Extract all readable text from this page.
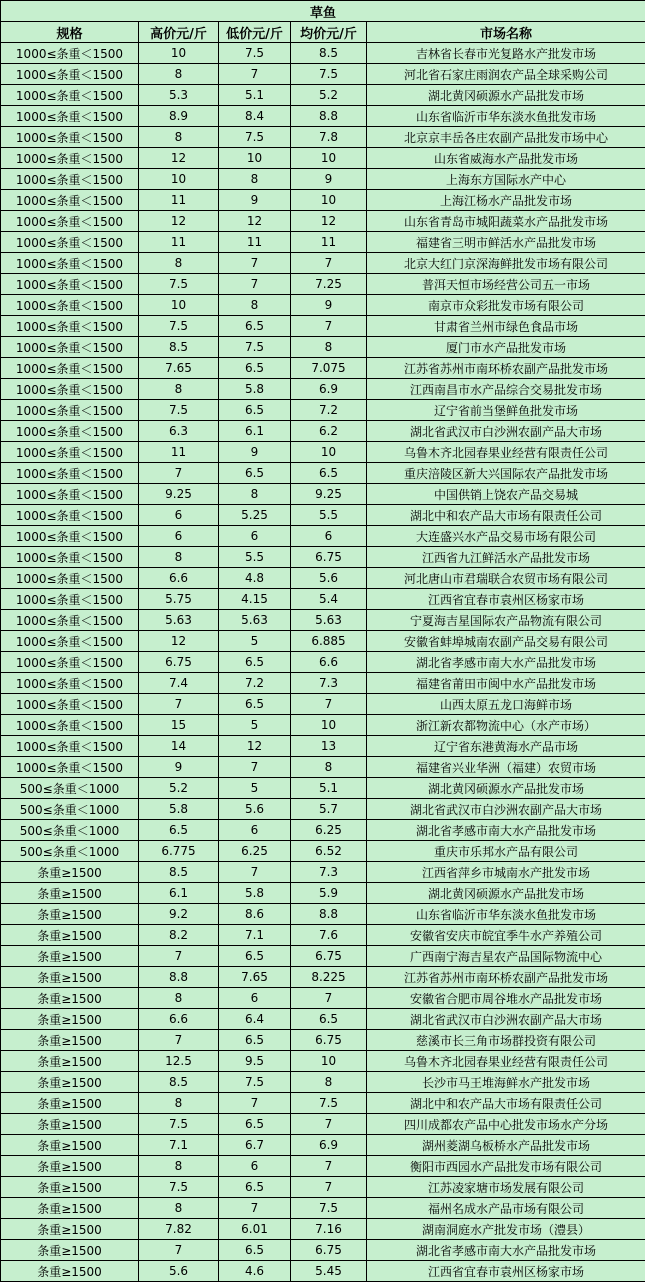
草鱼				
规格	高价元/斤	低价元/斤	均价元/斤	市场名称
1000≤条重＜1500	10	7.5	8.5	吉林省长春市光复路水产批发市场
1000≤条重＜1500	8	7	7.5	河北省石家庄雨润农产品全球采购公司
1000≤条重＜1500	5.3	5.1	5.2	湖北黄冈硕源水产品批发市场
1000≤条重＜1500	8.9	8.4	8.8	山东省临沂市华东淡水鱼批发市场
1000≤条重＜1500	8	7.5	7.8	北京京丰岳各庄农副产品批发市场中心
1000≤条重＜1500	12	10	10	山东省威海水产品批发市场
1000≤条重＜1500	10	8	9	上海东方国际水产中心
1000≤条重＜1500	11	9	10	上海江杨水产品批发市场
1000≤条重＜1500	12	12	12	山东省青岛市城阳蔬菜水产品批发市场
1000≤条重＜1500	11	11	11	福建省三明市鲜活水产品批发市场
1000≤条重＜1500	8	7	7	北京大红门京深海鲜批发市场有限公司
1000≤条重＜1500	7.5	7	7.25	普洱天恒市场经营公司五一市场
1000≤条重＜1500	10	8	9	南京市众彩批发市场有限公司
1000≤条重＜1500	7.5	6.5	7	甘肃省兰州市绿色食品市场
1000≤条重＜1500	8.5	7.5	8	厦门市水产品批发市场
1000≤条重＜1500	7.65	6.5	7.075	江苏省苏州市南环桥农副产品批发市场
1000≤条重＜1500	8	5.8	6.9	江西南昌市水产品综合交易批发市场
1000≤条重＜1500	7.5	6.5	7.2	辽宁省前当堡鲜鱼批发市场
1000≤条重＜1500	6.3	6.1	6.2	湖北省武汉市白沙洲农副产品大市场
1000≤条重＜1500	11	9	10	乌鲁木齐北园春果业经营有限责任公司
1000≤条重＜1500	7	6.5	6.5	重庆涪陵区新大兴国际农产品批发市场
1000≤条重＜1500	9.25	8	9.25	中国供销上饶农产品交易城
1000≤条重＜1500	6	5.25	5.5	湖北中和农产品大市场有限责任公司
1000≤条重＜1500	6	6	6	大连盛兴水产品交易市场有限公司
1000≤条重＜1500	8	5.5	6.75	江西省九江鲜活水产品批发市场
1000≤条重＜1500	6.6	4.8	5.6	河北唐山市君瑞联合农贸市场有限公司
1000≤条重＜1500	5.75	4.15	5.4	江西省宜春市袁州区杨家市场
1000≤条重＜1500	5.63	5.63	5.63	宁夏海吉星国际农产品物流有限公司
1000≤条重＜1500	12	5	6.885	安徽省蚌埠城南农副产品交易有限公司
1000≤条重＜1500	6.75	6.5	6.6	湖北省孝感市南大水产品批发市场
1000≤条重＜1500	7.4	7.2	7.3	福建省莆田市闽中水产品批发市场
1000≤条重＜1500	7	6.5	7	山西太原五龙口海鲜市场
1000≤条重＜1500	15	5	10	浙江新农都物流中心（水产市场）
1000≤条重＜1500	14	12	13	辽宁省东港黄海水产品市场
1000≤条重＜1500	9	7	8	福建省兴业华洲（福建）农贸市场
500≤条重＜1000	5.2	5	5.1	湖北黄冈硕源水产品批发市场
500≤条重＜1000	5.8	5.6	5.7	湖北省武汉市白沙洲农副产品大市场
500≤条重＜1000	6.5	6	6.25	湖北省孝感市南大水产品批发市场
500≤条重＜1000	6.775	6.25	6.52	重庆市乐邦水产品有限公司
条重≥1500	8.5	7	7.3	江西省萍乡市城南水产批发市场
条重≥1500	6.1	5.8	5.9	湖北黄冈硕源水产品批发市场
条重≥1500	9.2	8.6	8.8	山东省临沂市华东淡水鱼批发市场
条重≥1500	8.2	7.1	7.6	安徽省安庆市皖宜季牛水产养殖公司
条重≥1500	7	6.5	6.75	广西南宁海吉星农产品国际物流中心
条重≥1500	8.8	7.65	8.225	江苏省苏州市南环桥农副产品批发市场
条重≥1500	8	6	7	安徽省合肥市周谷堆水产品批发市场
条重≥1500	6.6	6.4	6.5	湖北省武汉市白沙洲农副产品大市场
条重≥1500	7	6.5	6.75	慈溪市长三角市场群投资有限公司
条重≥1500	12.5	9.5	10	乌鲁木齐北园春果业经营有限责任公司
条重≥1500	8.5	7.5	8	长沙市马王堆海鲜水产批发市场
条重≥1500	8	7	7.5	湖北中和农产品大市场有限责任公司
条重≥1500	7.5	6.5	7	四川成都农产品中心批发市场水产分场
条重≥1500	7.1	6.7	6.9	湖州菱湖乌板桥水产品批发市场
条重≥1500	8	6	7	衡阳市西园水产品批发市场有限公司
条重≥1500	7.5	6.5	7	江苏凌家塘市场发展有限公司
条重≥1500	8	7	7.5	福州名成水产品市场有限公司
条重≥1500	7.82	6.01	7.16	湖南洞庭水产批发市场（澧县）
条重≥1500	7	6.5	6.75	湖北省孝感市南大水产品批发市场
条重≥1500	5.6	4.6	5.45	江西省宜春市袁州区杨家市场
